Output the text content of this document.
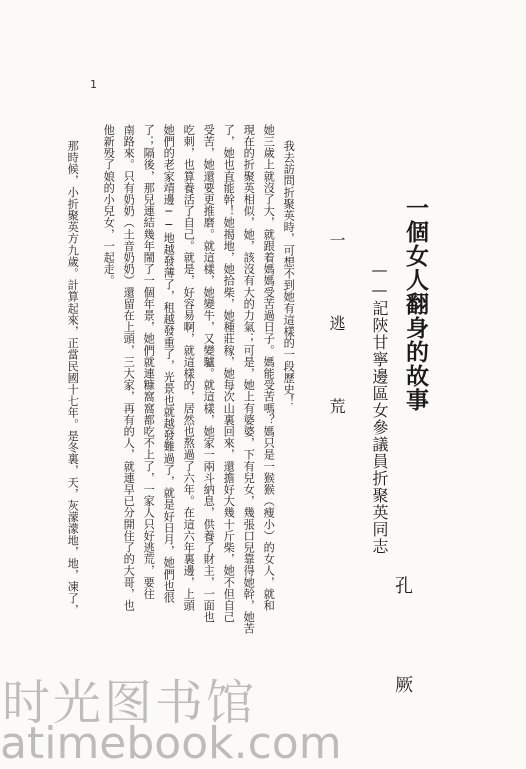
1
一個女人翻身的故事
——記陝甘寧邊區女參議員折聚英同志
孔 厥
一 逃 荒
我去訪問折聚英時，可想不到她有這樣的一段歷史！
她三歲上就沒了大，就跟着媽媽受苦過日子。媽能受苦嗎？媽只是一猴猴（瘦小）的女人，就和
現在的折聚英相似，她，該沒有大的力氣；可是，她上有婆婆，下有兒女，幾張口兒靠得她幹，她苦
了，她也直能幹！她揭地，她拾柴，她種莊稼，她每次山裏回來，還擔好大幾十斤柴，她不但自己
受苦，她還要更推磨。就這樣，她變牛，又變驢。就這樣，她家一兩斗納息，供養了財主，一面也
吃刺，也算養活了自己。就是，好容易啊，就這樣的，居然也熬過了六年。在這六年裏邊，上頭
她們的老家靖邊──地越發薄了，租越發重了，光景也就越發難過了，就是好日月，她們也很
了；隔後，那兒連結幾年鬧了一個年景，她們就連糠窩窩都吃不上了，一家人只好逃荒，要往
南路來。只有奶奶（土音奶奶）還留在上頭，三大家，再有的人，就連早已分開住了的大哥，也
他新殁了娘的小兒女，一起走。
那時候，小折聚英方九歲。計算起來，正當民國十七年。是冬裏，天，灰濛濛地，地，凍了，
时光图书馆
atimebook.com
